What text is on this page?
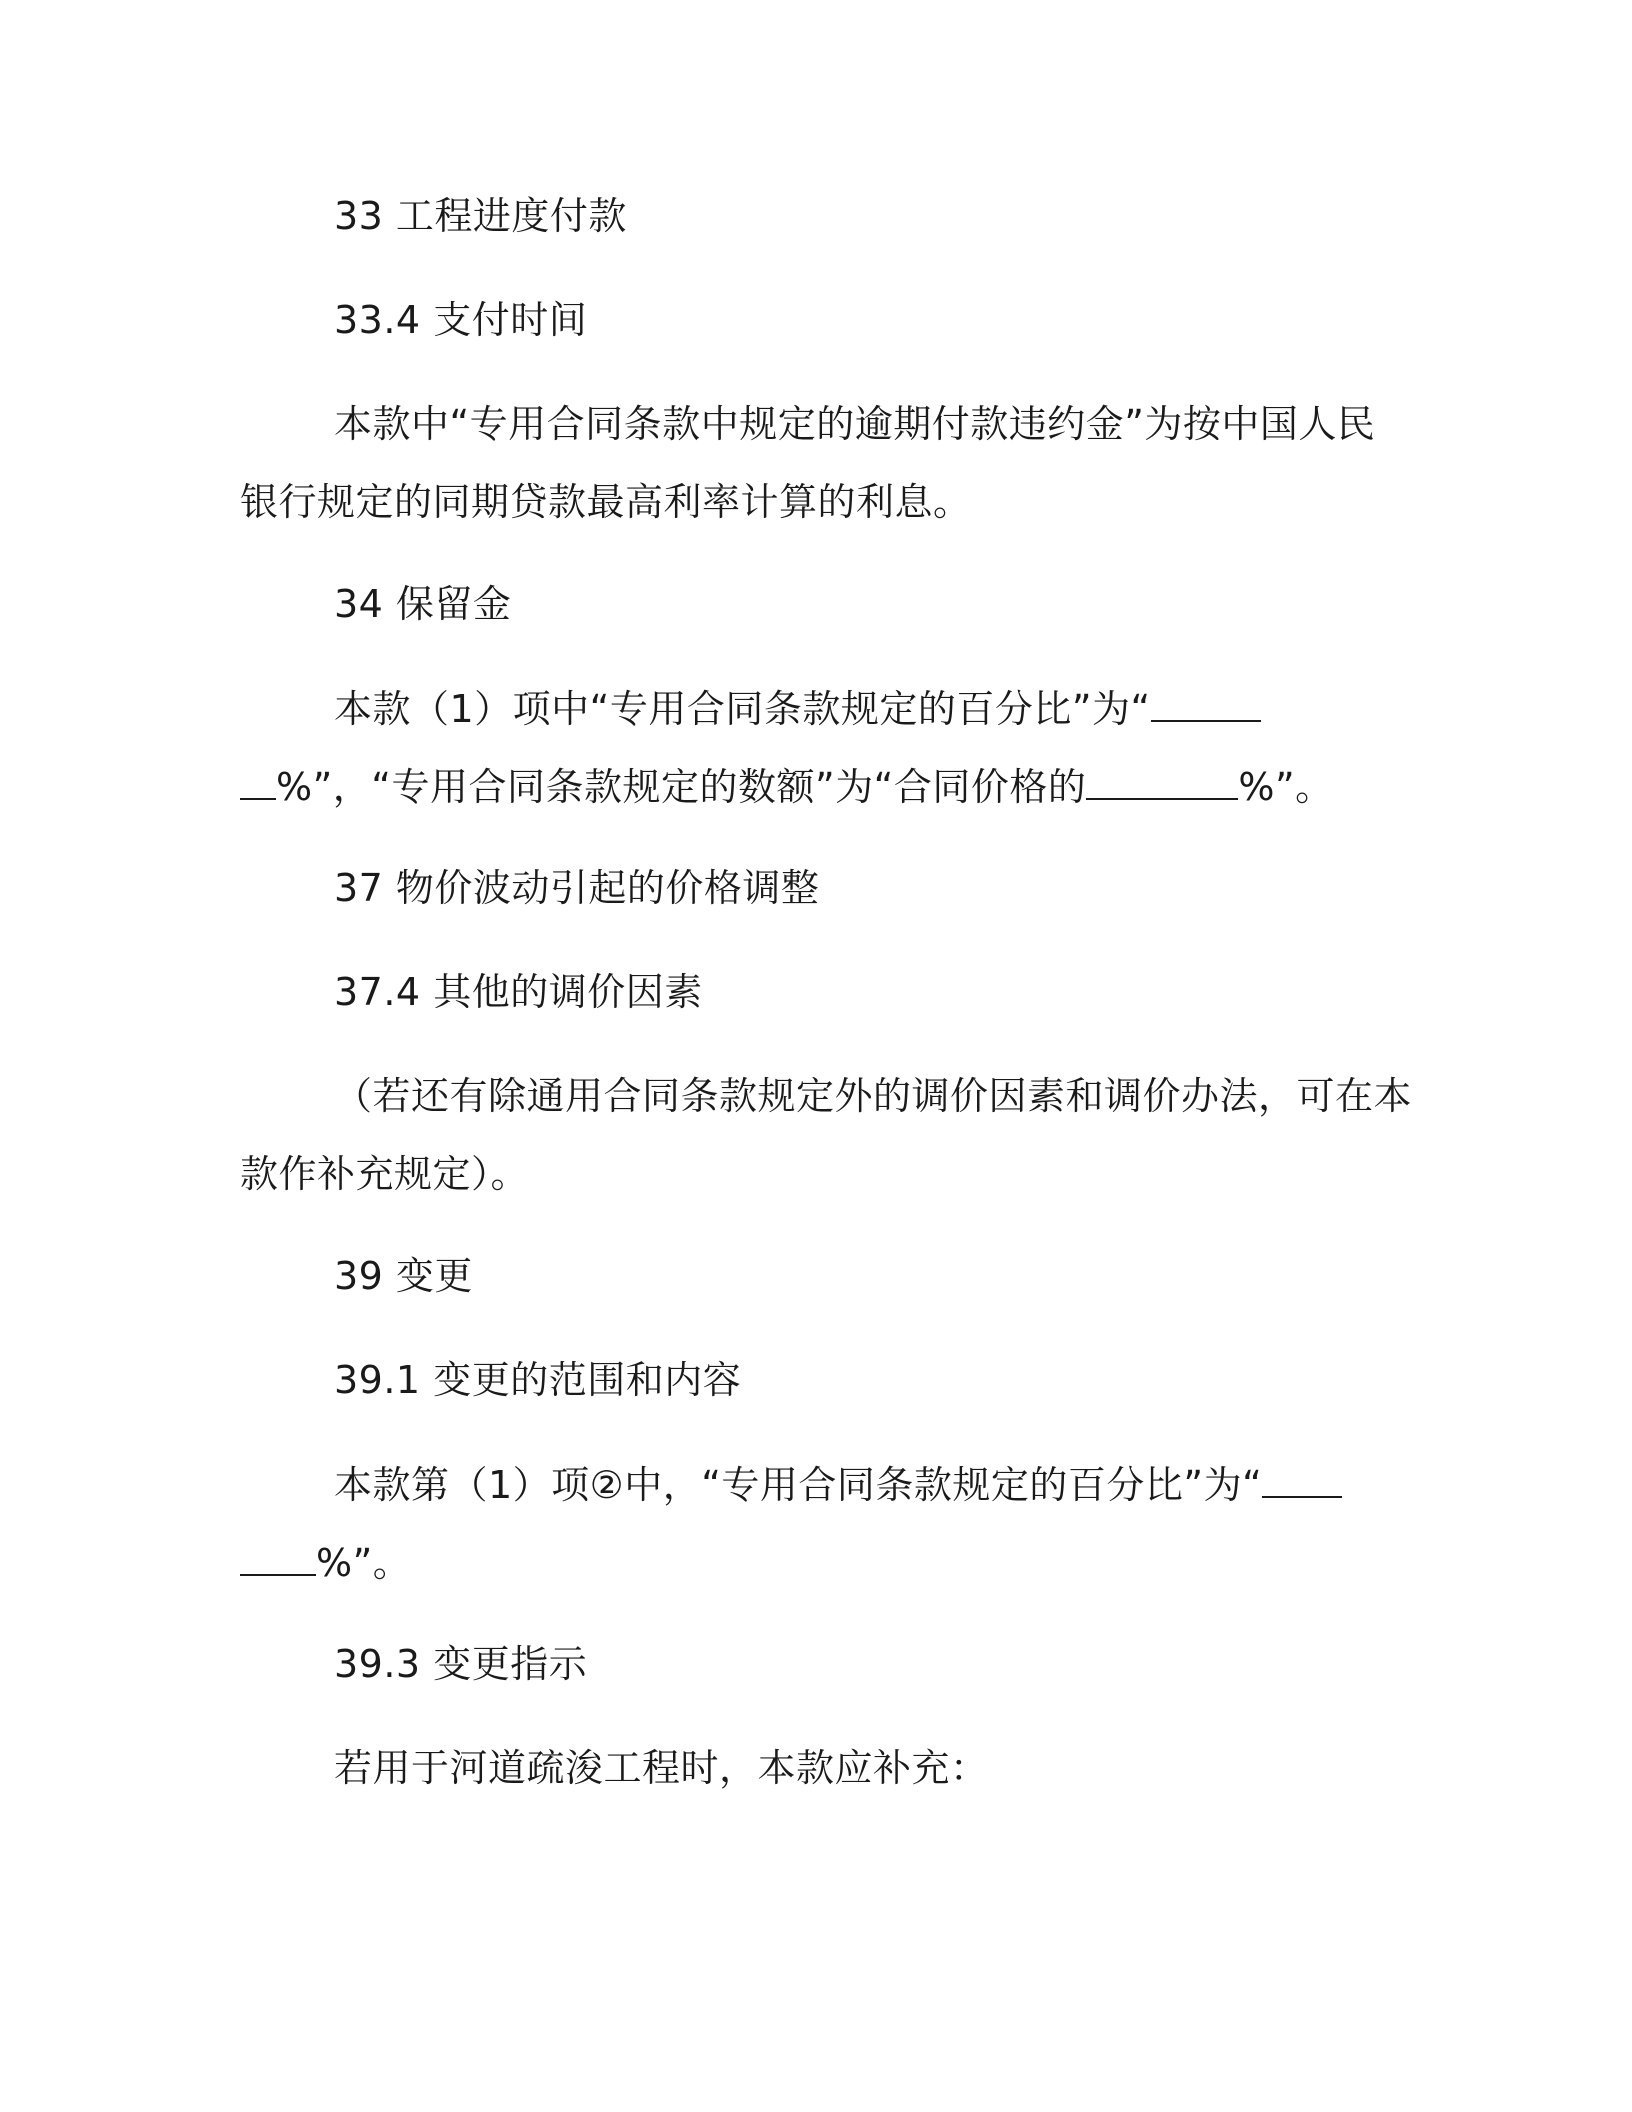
33 工程进度付款

33.4 支付时间

本款中“专用合同条款中规定的逾期付款违约金”为按中国人民

银行规定的同期贷款最高利率计算的利息。

34 保留金

本款（1）项中“专用合同条款规定的百分比”为“

%”，“专用合同条款规定的数额”为“合同价格的	%”。

37 物价波动引起的价格调整

37.4 其他的调价因素

（若还有除通用合同条款规定外的调价因素和调价办法，可在本

款作补充规定）。

39 变更

39.1 变更的范围和内容

本款第（1）项②中，“专用合同条款规定的百分比”为“

%”。

39.3 变更指示

若用于河道疏浚工程时，本款应补充：
